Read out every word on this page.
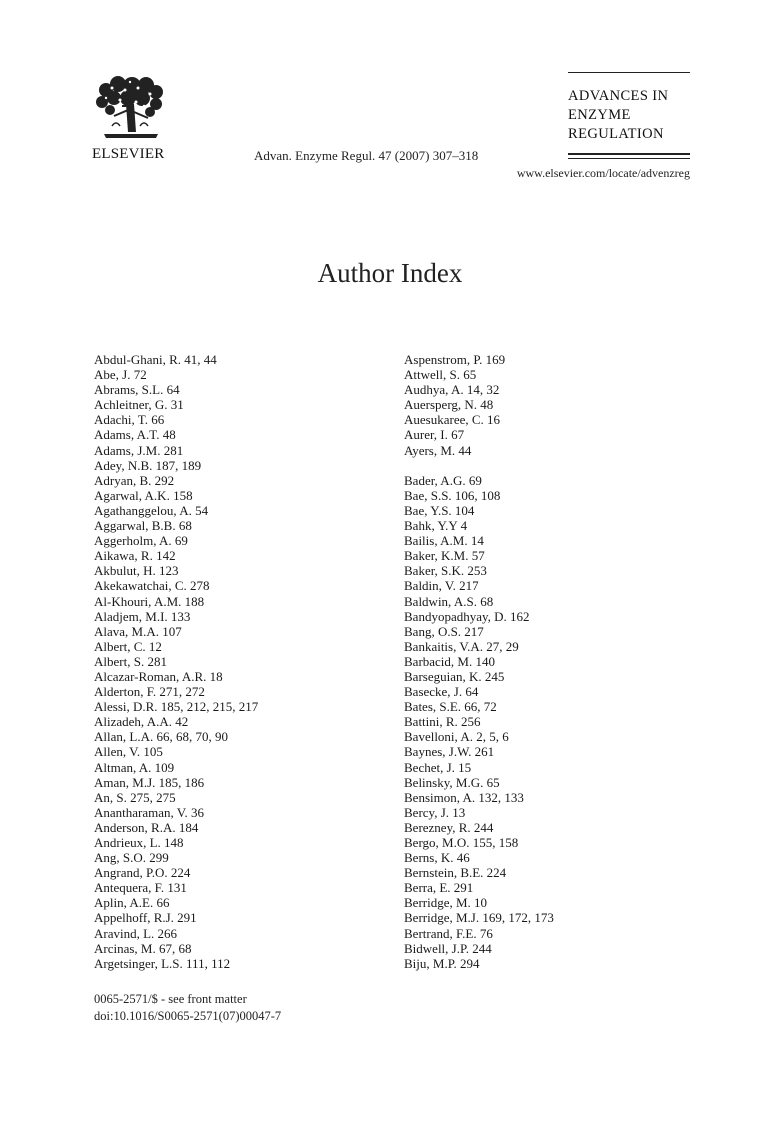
ELSEVIER	Advan. Enzyme Regul. 47 (2007) 307–318
ADVANCES IN
ENZYME
REGULATION
www.elsevier.com/locate/advenzreg
Author Index
Abdul-Ghani, R. 41, 44
Abe, J. 72
Abrams, S.L. 64
Achleitner, G. 31
Adachi, T. 66
Adams, A.T. 48
Adams, J.M. 281
Adey, N.B. 187, 189
Adryan, B. 292
Agarwal, A.K. 158
Agathanggelou, A. 54
Aggarwal, B.B. 68
Aggerholm, A. 69
Aikawa, R. 142
Akbulut, H. 123
Akekawatchai, C. 278
Al-Khouri, A.M. 188
Aladjem, M.I. 133
Alava, M.A. 107
Albert, C. 12
Albert, S. 281
Alcazar-Roman, A.R. 18
Alderton, F. 271, 272
Alessi, D.R. 185, 212, 215, 217
Alizadeh, A.A. 42
Allan, L.A. 66, 68, 70, 90
Allen, V. 105
Altman, A. 109
Aman, M.J. 185, 186
An, S. 275, 275
Anantharaman, V. 36
Anderson, R.A. 184
Andrieux, L. 148
Ang, S.O. 299
Angrand, P.O. 224
Antequera, F. 131
Aplin, A.E. 66
Appelhoff, R.J. 291
Aravind, L. 266
Arcinas, M. 67, 68
Argetsinger, L.S. 111, 112
Aspenstrom, P. 169
Attwell, S. 65
Audhya, A. 14, 32
Auersperg, N. 48
Auesukaree, C. 16
Aurer, I. 67
Ayers, M. 44
Bader, A.G. 69
Bae, S.S. 106, 108
Bae, Y.S. 104
Bahk, Y.Y 4
Bailis, A.M. 14
Baker, K.M. 57
Baker, S.K. 253
Baldin, V. 217
Baldwin, A.S. 68
Bandyopadhyay, D. 162
Bang, O.S. 217
Bankaitis, V.A. 27, 29
Barbacid, M. 140
Barseguian, K. 245
Basecke, J. 64
Bates, S.E. 66, 72
Battini, R. 256
Bavelloni, A. 2, 5, 6
Baynes, J.W. 261
Bechet, J. 15
Belinsky, M.G. 65
Bensimon, A. 132, 133
Bercy, J. 13
Berezney, R. 244
Bergo, M.O. 155, 158
Berns, K. 46
Bernstein, B.E. 224
Berra, E. 291
Berridge, M. 10
Berridge, M.J. 169, 172, 173
Bertrand, F.E. 76
Bidwell, J.P. 244
Biju, M.P. 294
0065-2571/$ - see front matter
doi:10.1016/S0065-2571(07)00047-7
